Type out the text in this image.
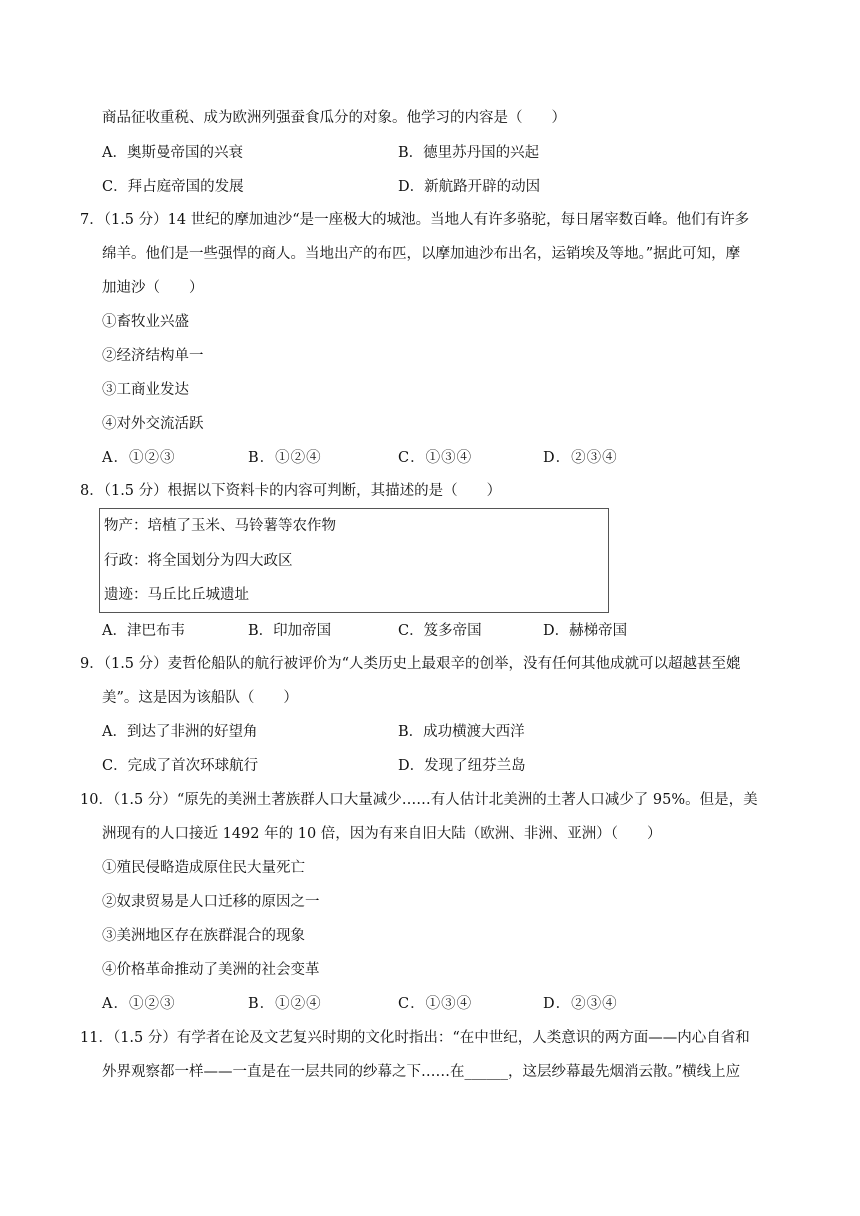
商品征收重税、成为欧洲列强蚕食瓜分的对象。他学习的内容是（　　）
A．奥斯曼帝国的兴衰	B．德里苏丹国的兴起
C．拜占庭帝国的发展	D．新航路开辟的动因
7．（1.5 分）14 世纪的摩加迪沙“是一座极大的城池。当地人有许多骆驼，每日屠宰数百峰。他们有许多
绵羊。他们是一些强悍的商人。当地出产的布匹，以摩加迪沙布出名，运销埃及等地。”据此可知，摩
加迪沙（　　）
①畜牧业兴盛
②经济结构单一
③工商业发达
④对外交流活跃
A．①②③	B．①②④	C．①③④	D．②③④
8．（1.5 分）根据以下资料卡的内容可判断，其描述的是（　　）
物产：培植了玉米、马铃薯等农作物
行政：将全国划分为四大政区
遗迹：马丘比丘城遗址
A．津巴布韦	B．印加帝国	C．笈多帝国	D．赫梯帝国
9．（1.5 分）麦哲伦船队的航行被评价为“人类历史上最艰辛的创举，没有任何其他成就可以超越甚至媲
美”。这是因为该船队（　　）
A．到达了非洲的好望角	B．成功横渡大西洋
C．完成了首次环球航行	D．发现了纽芬兰岛
10．（1.5 分）“原先的美洲土著族群人口大量减少……有人估计北美洲的土著人口减少了 95%。但是，美
洲现有的人口接近 1492 年的 10 倍，因为有来自旧大陆（欧洲、非洲、亚洲）（　　）
①殖民侵略造成原住民大量死亡
②奴隶贸易是人口迁移的原因之一
③美洲地区存在族群混合的现象
④价格革命推动了美洲的社会变革
A．①②③	B．①②④	C．①③④	D．②③④
11．（1.5 分）有学者在论及文艺复兴时期的文化时指出：“在中世纪，人类意识的两方面——内心自省和
外界观察都一样——一直是在一层共同的纱幕之下……在______，这层纱幕最先烟消云散。”横线上应
